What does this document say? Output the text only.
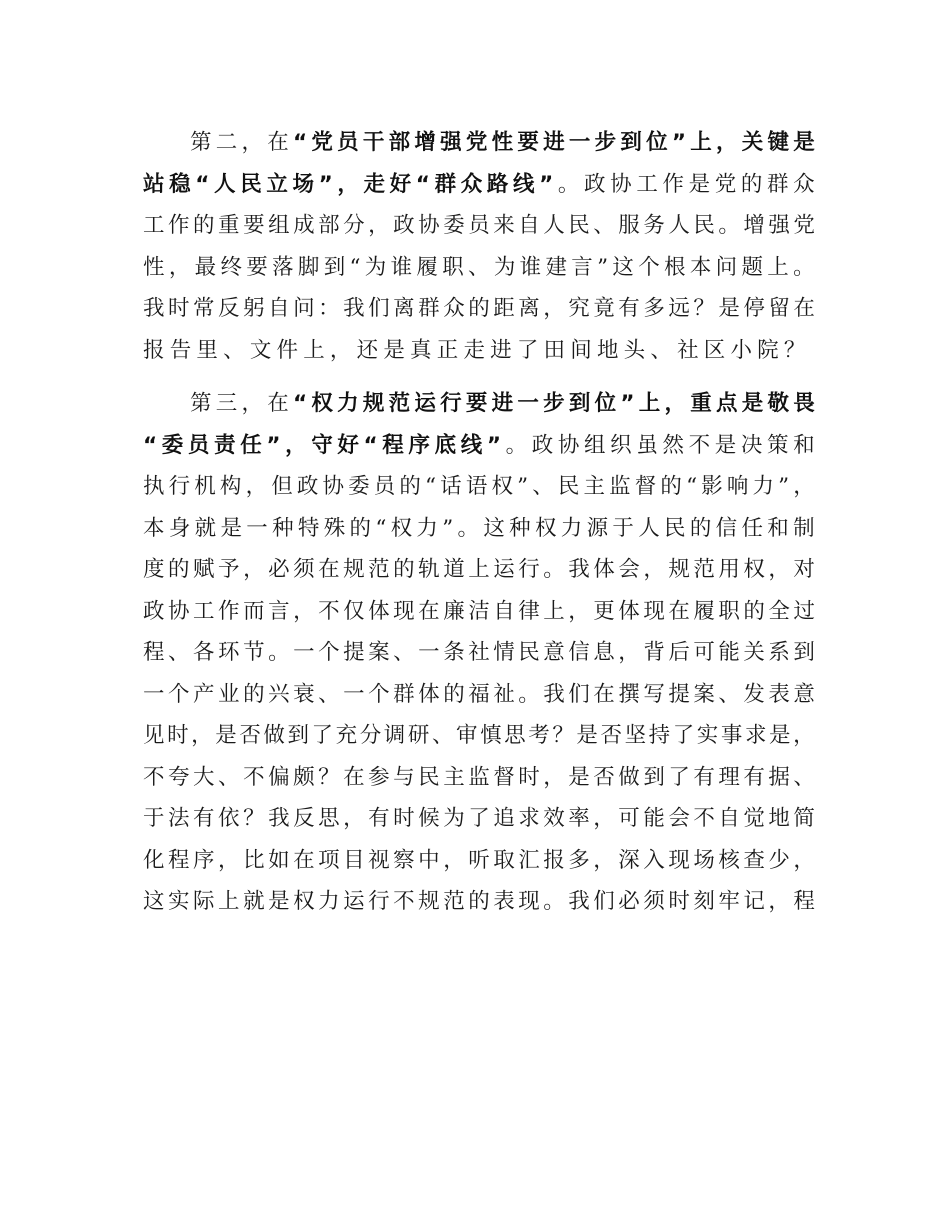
第 二 ， 在 “ 党 员 干 部 增 强 党 性 要 进 一 步 到 位 ” 上 ， 关 键 是
站 稳 “ 人 民 立 场 ” ， 走 好 “ 群 众 路 线 ” 。 政 协 工 作 是 党 的 群 众
工 作 的 重 要 组 成 部 分 ， 政 协 委 员 来 自 人 民 、 服 务 人 民 。 增 强 党
性 ， 最 终 要 落 脚 到 “ 为 谁 履 职 、 为 谁 建 言 ” 这 个 根 本 问 题 上 。
我 时 常 反 躬 自 问 ： 我 们 离 群 众 的 距 离 ， 究 竟 有 多 远 ？ 是 停 留 在
报 告 里 、 文 件 上 ， 还 是 真 正 走 进 了 田 间 地 头 、 社 区 小 院 ？
第 三 ， 在 “ 权 力 规 范 运 行 要 进 一 步 到 位 ” 上 ， 重 点 是 敬 畏
“ 委 员 责 任 ” ， 守 好 “ 程 序 底 线 ” 。 政 协 组 织 虽 然 不 是 决 策 和
执 行 机 构 ， 但 政 协 委 员 的 “ 话 语 权 ” 、 民 主 监 督 的 “ 影 响 力 ” ，
本 身 就 是 一 种 特 殊 的 “ 权 力 ” 。 这 种 权 力 源 于 人 民 的 信 任 和 制
度 的 赋 予 ， 必 须 在 规 范 的 轨 道 上 运 行 。 我 体 会 ， 规 范 用 权 ， 对
政 协 工 作 而 言 ， 不 仅 体 现 在 廉 洁 自 律 上 ， 更 体 现 在 履 职 的 全 过
程 、 各 环 节 。 一 个 提 案 、 一 条 社 情 民 意 信 息 ， 背 后 可 能 关 系 到
一 个 产 业 的 兴 衰 、 一 个 群 体 的 福 祉 。 我 们 在 撰 写 提 案 、 发 表 意
见 时 ， 是 否 做 到 了 充 分 调 研 、 审 慎 思 考 ？ 是 否 坚 持 了 实 事 求 是 ，
不 夸 大 、 不 偏 颇 ？ 在 参 与 民 主 监 督 时 ， 是 否 做 到 了 有 理 有 据 、
于 法 有 依 ？ 我 反 思 ， 有 时 候 为 了 追 求 效 率 ， 可 能 会 不 自 觉 地 简
化 程 序 ， 比 如 在 项 目 视 察 中 ， 听 取 汇 报 多 ， 深 入 现 场 核 查 少 ，
这 实 际 上 就 是 权 力 运 行 不 规 范 的 表 现 。 我 们 必 须 时 刻 牢 记 ， 程
